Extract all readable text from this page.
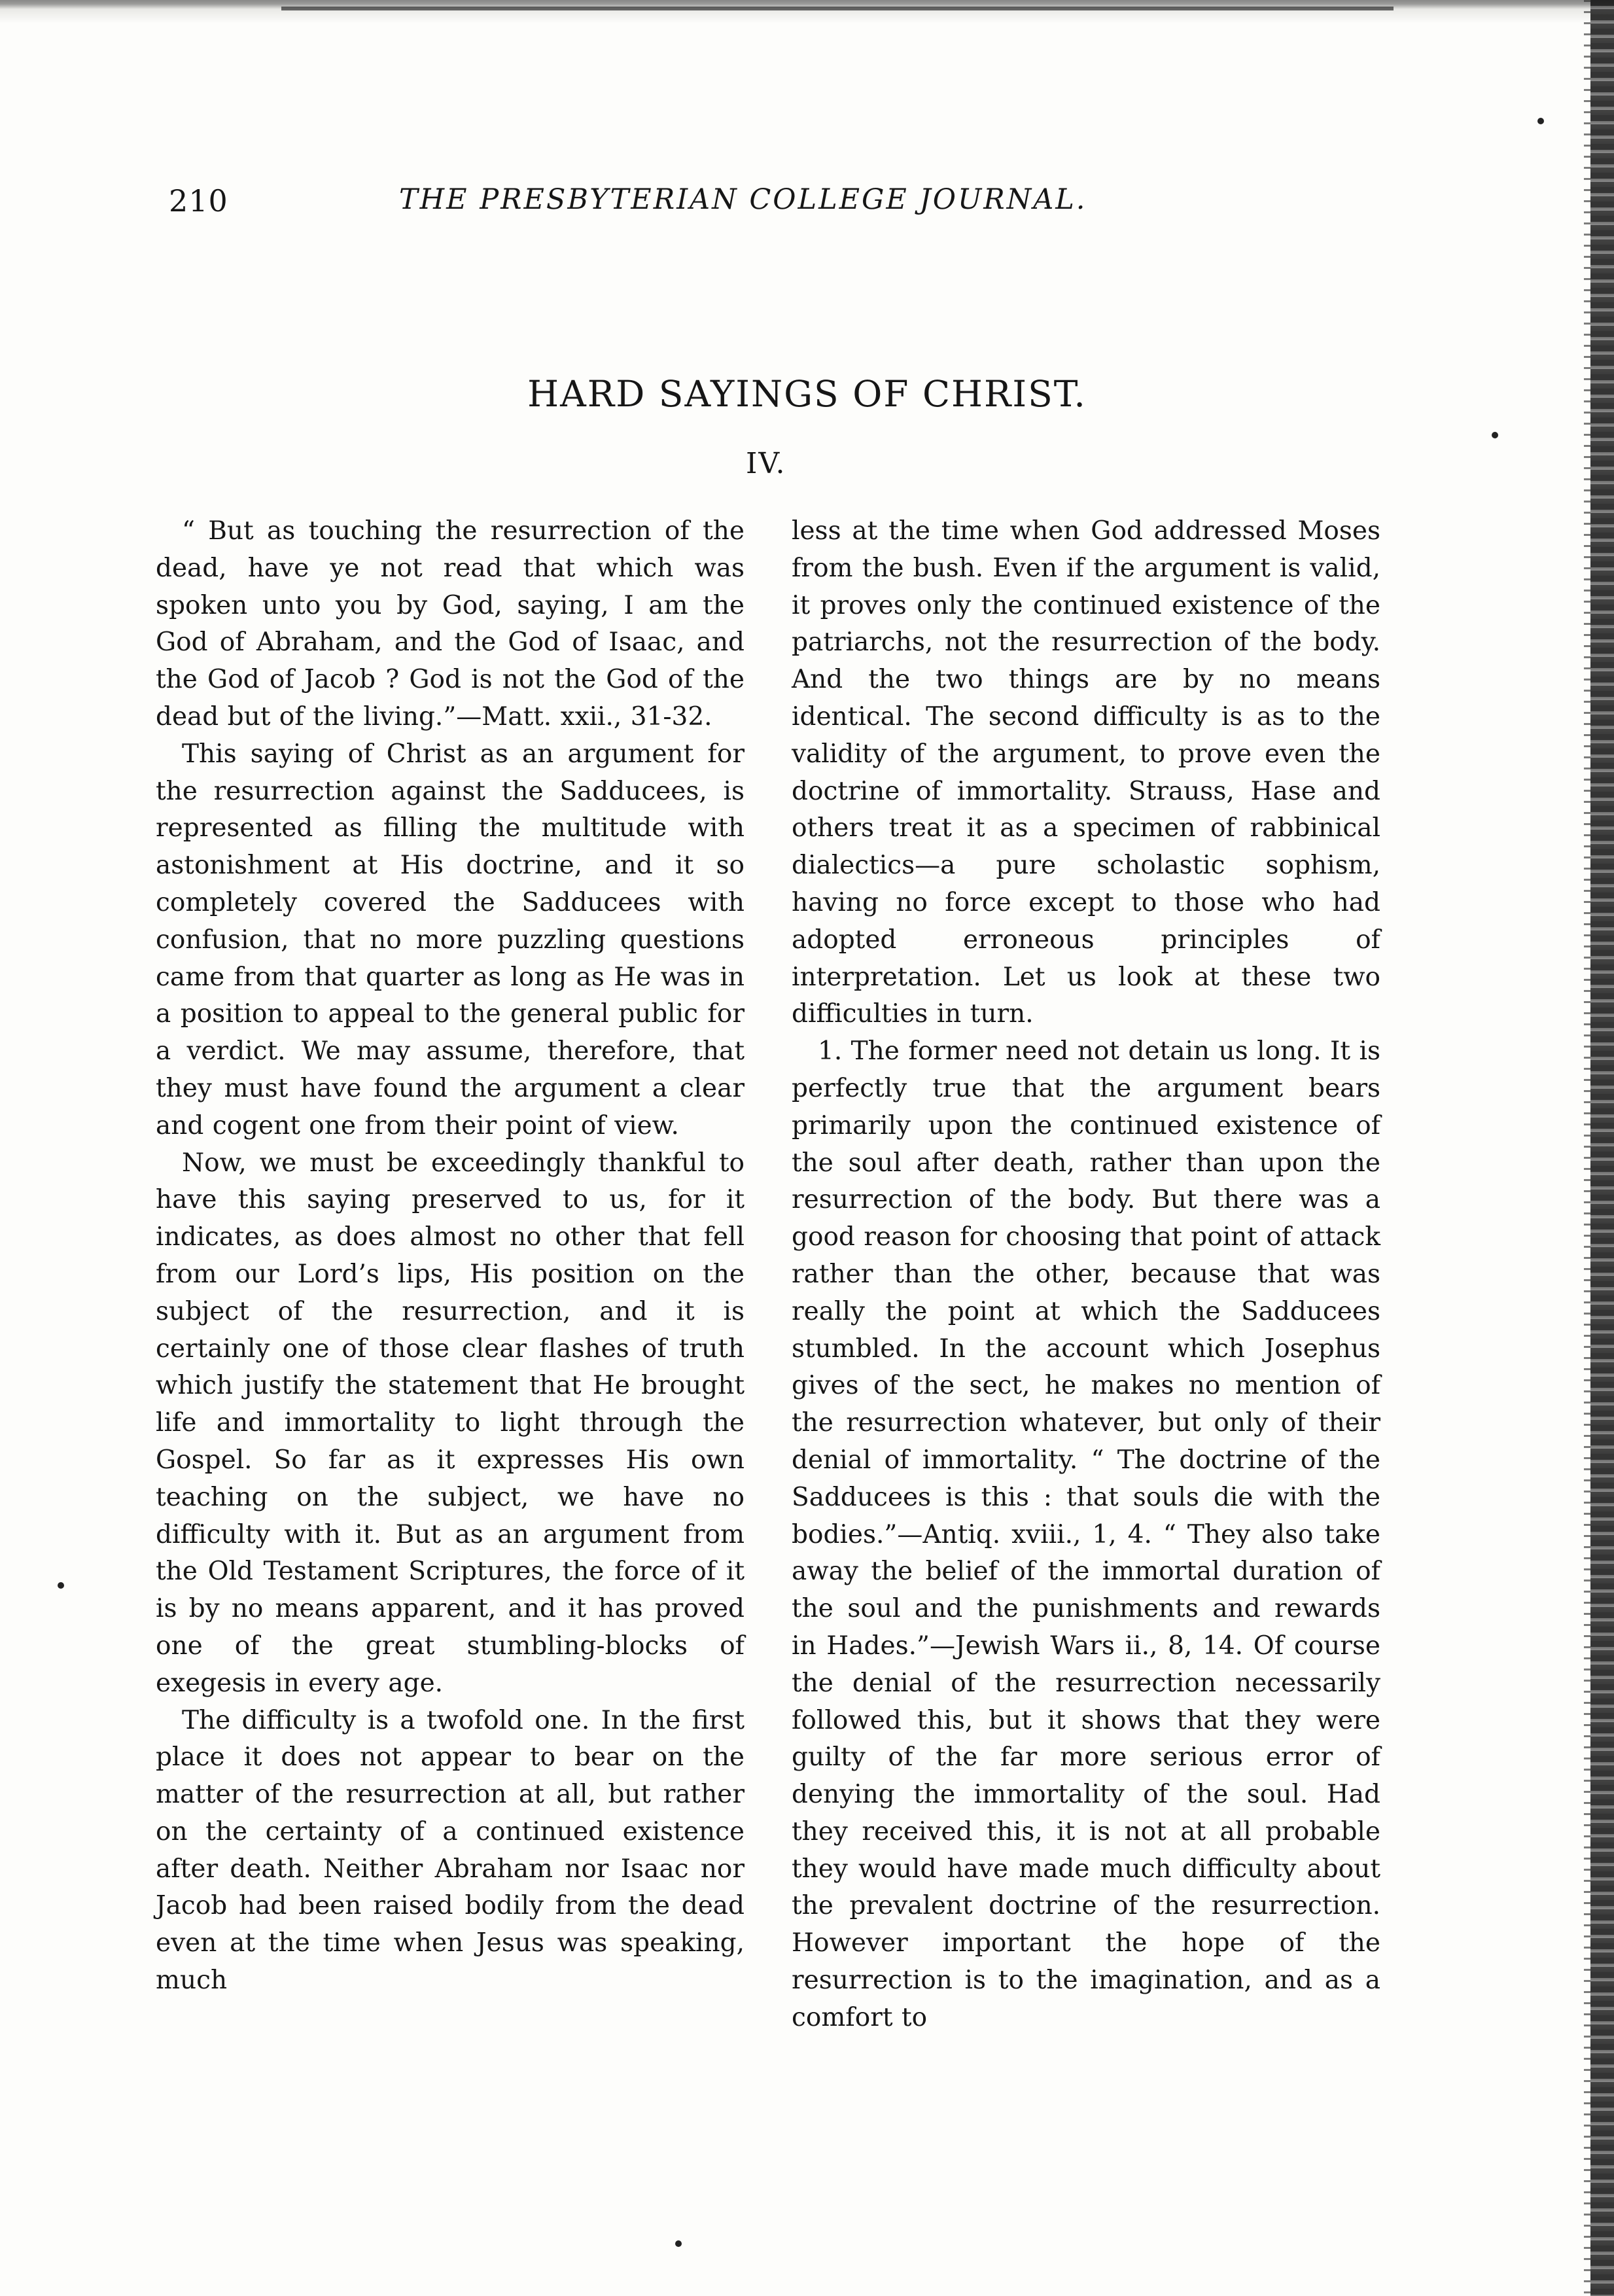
210	THE PRESBYTERIAN COLLEGE JOURNAL.
HARD SAYINGS OF CHRIST.
IV.

“ But as touching the resurrection of the dead, have ye not read that which was spoken unto you by God, saying, I am the God of Abraham, and the God of Isaac, and the God of Jacob ? God is not the God of the dead but of the living.”—Matt. xxii., 31-32.

This saying of Christ as an argument for the resurrection against the Sadducees, is represented as filling the multitude with astonishment at His doctrine, and it so completely covered the Sadducees with confusion, that no more puzzling questions came from that quarter as long as He was in a position to appeal to the general public for a verdict. We may assume, therefore, that they must have found the argument a clear and cogent one from their point of view.

Now, we must be exceedingly thankful to have this saying preserved to us, for it indicates, as does almost no other that fell from our Lord’s lips, His position on the subject of the resurrection, and it is certainly one of those clear flashes of truth which justify the statement that He brought life and immortality to light through the Gospel. So far as it expresses His own teaching on the subject, we have no difficulty with it. But as an argument from the Old Testament Scriptures, the force of it is by no means apparent, and it has proved one of the great stumbling-blocks of exegesis in every age.

The difficulty is a twofold one. In the first place it does not appear to bear on the matter of the resurrection at all, but rather on the certainty of a continued existence after death. Neither Abraham nor Isaac nor Jacob had been raised bodily from the dead even at the time when Jesus was speaking, much

less at the time when God addressed Moses from the bush. Even if the argument is valid, it proves only the continued existence of the patriarchs, not the resurrection of the body. And the two things are by no means identical. The second difficulty is as to the validity of the argument, to prove even the doctrine of immortality. Strauss, Hase and others treat it as a specimen of rabbinical dialectics—a pure scholastic sophism, having no force except to those who had adopted erroneous principles of interpretation. Let us look at these two difficulties in turn.

1. The former need not detain us long. It is perfectly true that the argument bears primarily upon the continued existence of the soul after death, rather than upon the resurrection of the body. But there was a good reason for choosing that point of attack rather than the other, because that was really the point at which the Sadducees stumbled. In the account which Josephus gives of the sect, he makes no mention of the resurrection whatever, but only of their denial of immortality. “ The doctrine of the Sadducees is this : that souls die with the bodies.”—Antiq. xviii., 1, 4. “ They also take away the belief of the immortal duration of the soul and the punishments and rewards in Hades.”—Jewish Wars ii., 8, 14. Of course the denial of the resurrection necessarily followed this, but it shows that they were guilty of the far more serious error of denying the immortality of the soul. Had they received this, it is not at all probable they would have made much difficulty about the prevalent doctrine of the resurrection. However important the hope of the resurrection is to the imagination, and as a comfort to
